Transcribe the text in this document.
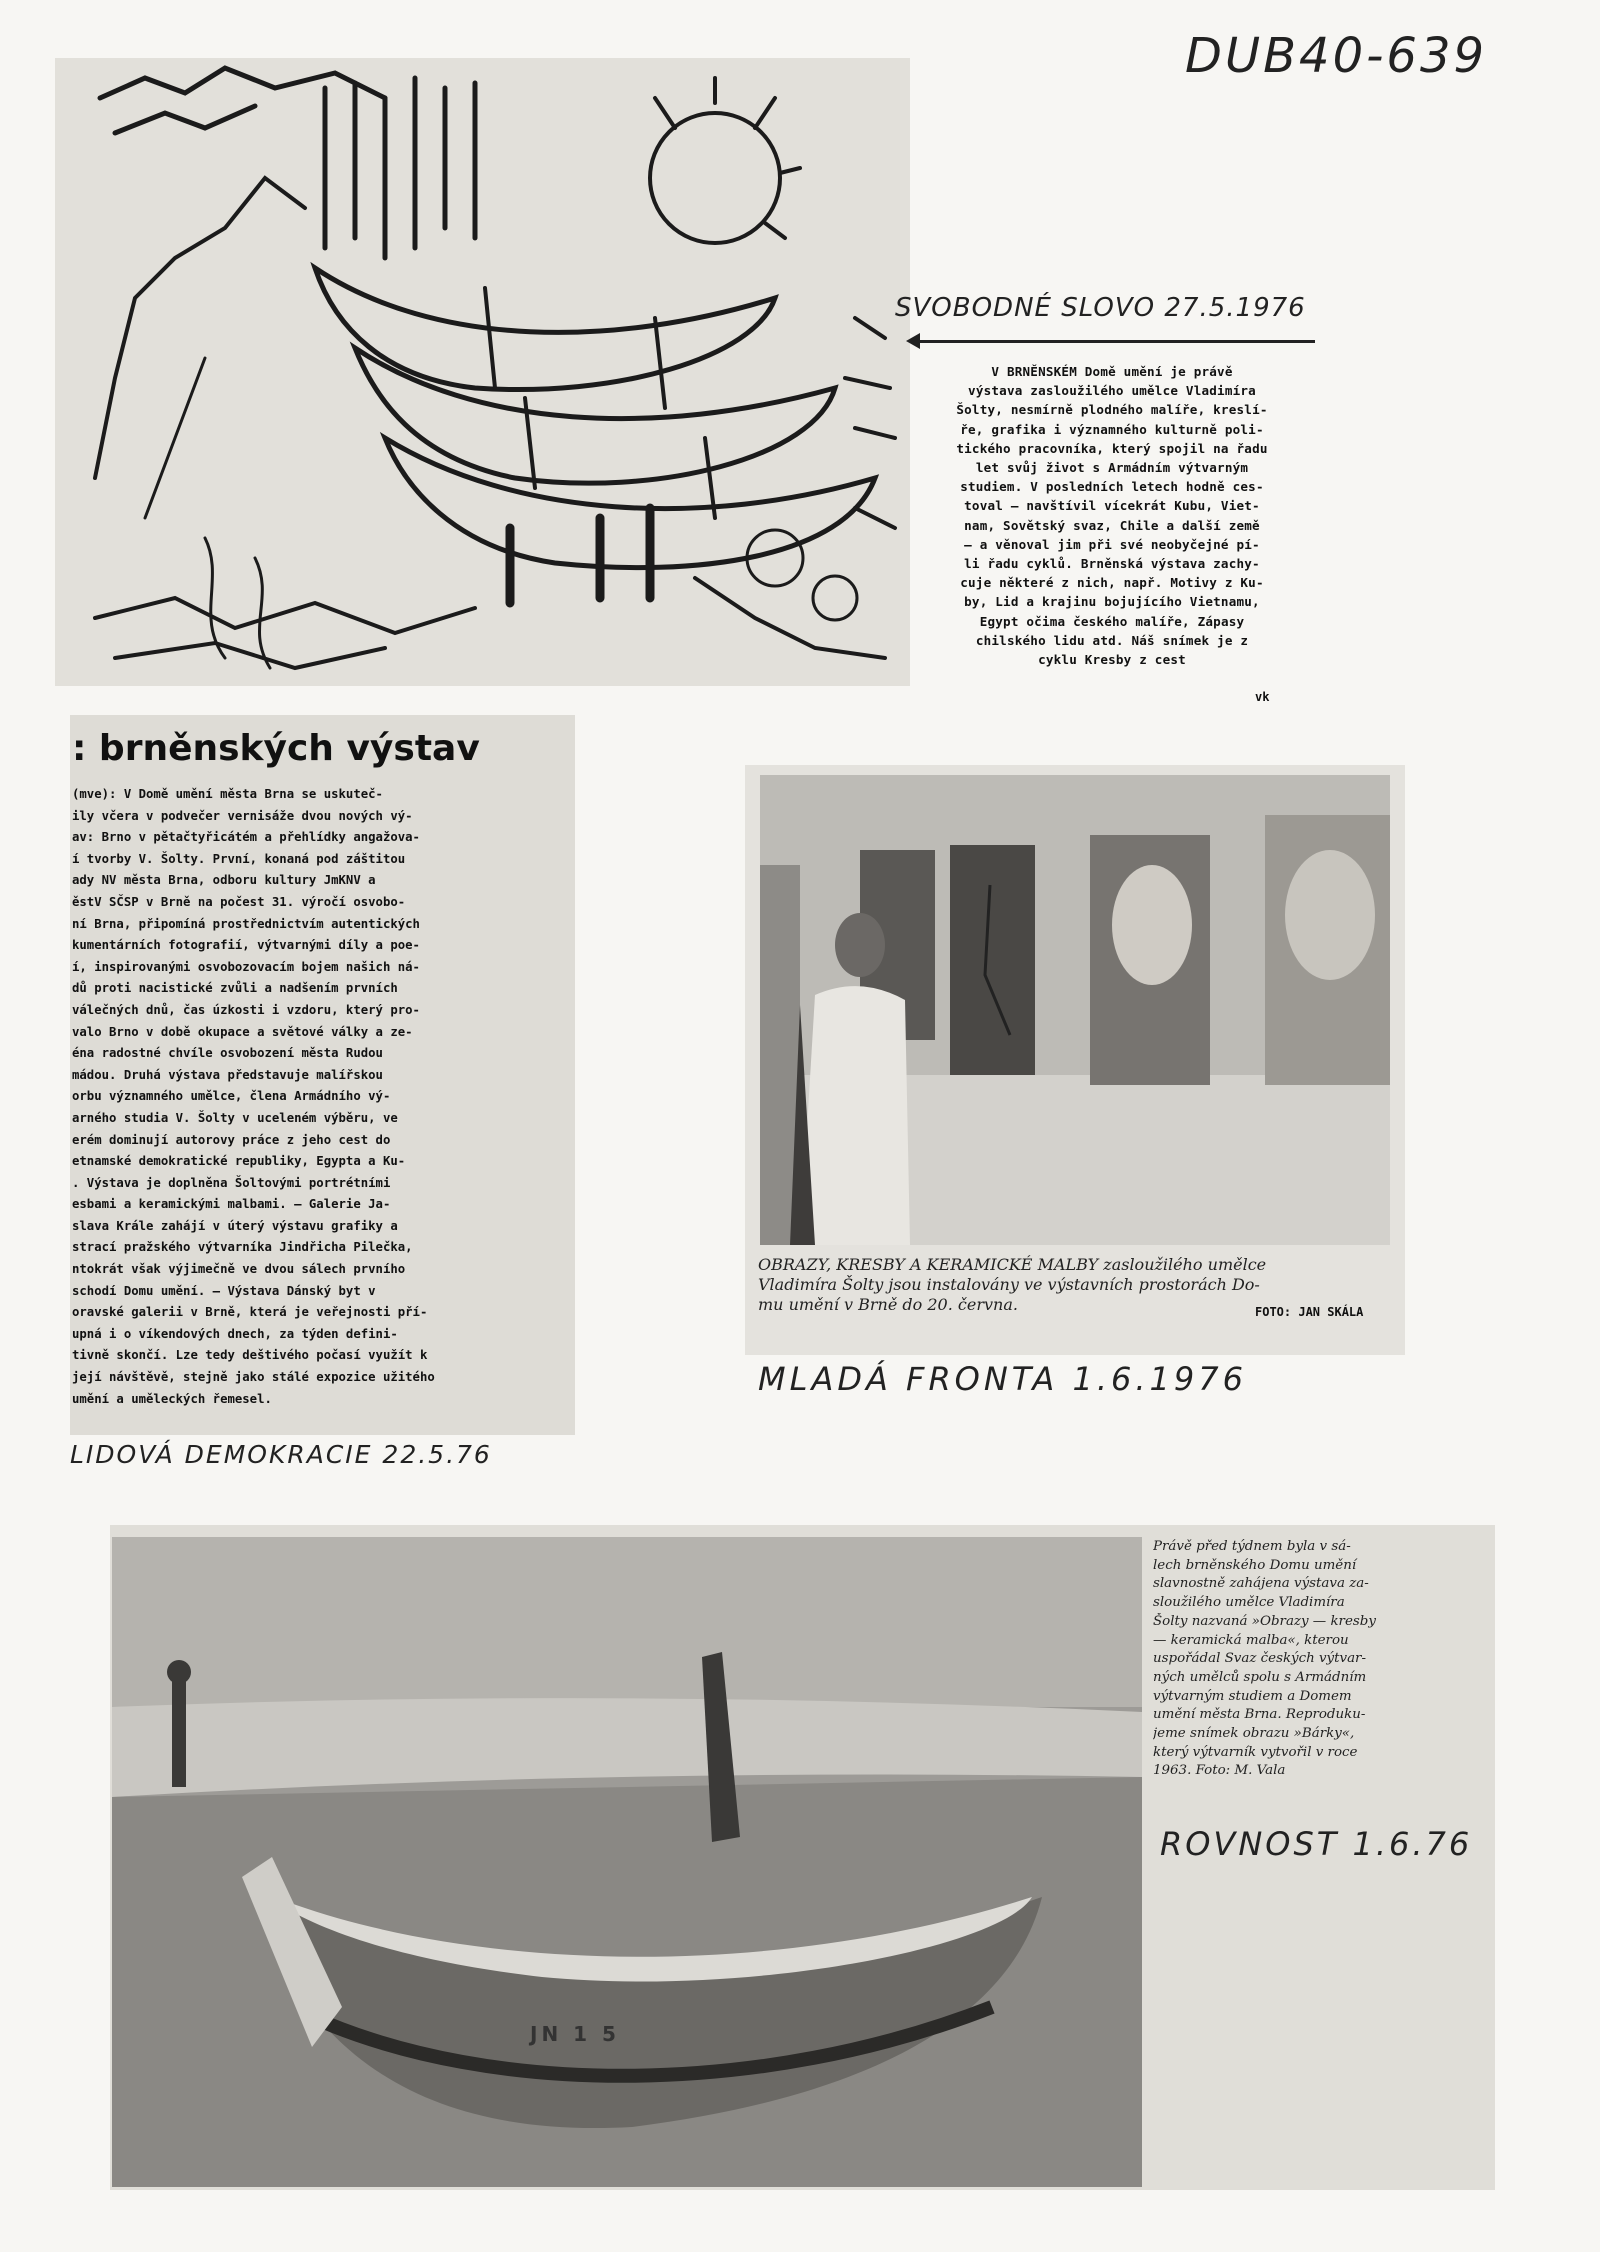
DUB40-639
SVOBODNÉ SLOVO 27.5.1976
V BRNĚNSKÉM Domě umění je právě
výstava zasloužilého umělce Vladimíra
Šolty, nesmírně plodného malíře, kreslí-
ře, grafika i významného kulturně poli-
tického pracovníka, který spojil na řadu
let svůj život s Armádním výtvarným
studiem. V posledních letech hodně ces-
toval — navštívil vícekrát Kubu, Viet-
nam, Sovětský svaz, Chile a další země
— a věnoval jim při své neobyčejné pí-
li řadu cyklů. Brněnská výstava zachy-
cuje některé z nich, např. Motivy z Ku-
by, Lid a krajinu bojujícího Vietnamu,
Egypt očima českého malíře, Zápasy
chilského lidu atd. Náš snímek je z
cyklu Kresby z cest
vk
: brněnských výstav
(mve): V Domě umění města Brna se uskuteč-
ily včera v podvečer vernisáže dvou nových vý-
av: Brno v pětačtyřicátém a přehlídky angažova-
í tvorby V. Šolty. První, konaná pod záštitou
ady NV města Brna, odboru kultury JmKNV a
ěstV SČSP v Brně na počest 31. výročí osvobo-
ní Brna, připomíná prostřednictvím autentických
kumentárních fotografií, výtvarnými díly a poe-
í, inspirovanými osvobozovacím bojem našich ná-
dů proti nacistické zvůli a nadšením prvních
válečných dnů, čas úzkosti i vzdoru, který pro-
valo Brno v době okupace a světové války a ze-
éna radostné chvíle osvobození města Rudou
mádou. Druhá výstava představuje malířskou
orbu významného umělce, člena Armádního vý-
arného studia V. Šolty v uceleném výběru, ve
erém dominují autorovy práce z jeho cest do
etnamské demokratické republiky, Egypta a Ku-
. Výstava je doplněna Šoltovými portrétními
esbami a keramickými malbami. — Galerie Ja-
slava Krále zahájí v úterý výstavu grafiky a
strací pražského výtvarníka Jindřicha Pilečka,
ntokrát však výjimečně ve dvou sálech prvního
schodí Domu umění. — Výstava Dánský byt v
oravské galerii v Brně, která je veřejnosti pří-
upná i o víkendových dnech, za týden defini-
tivně skončí. Lze tedy deštivého počasí využít k
její návštěvě, stejně jako stálé expozice užitého
umění a uměleckých řemesel.
LIDOVÁ DEMOKRACIE 22.5.76
OBRAZY, KRESBY A KERAMICKÉ MALBY zasloužilého umělce
Vladimíra Šolty jsou instalovány ve výstavních prostorách Do-
mu umění v Brně do 20. června.	FOTO: JAN SKÁLA
MLADÁ FRONTA 1.6.1976
JN 1 5
Právě před týdnem byla v sá-
lech brněnského Domu umění
slavnostně zahájena výstava za-
sloužilého umělce Vladimíra
Šolty nazvaná »Obrazy — kresby
— keramická malba«, kterou
uspořádal Svaz českých výtvar-
ných umělců spolu s Armádním
výtvarným studiem a Domem
umění města Brna. Reproduku-
jeme snímek obrazu »Bárky«,
který výtvarník vytvořil v roce
1963. Foto: M. Vala
ROVNOST 1.6.76
